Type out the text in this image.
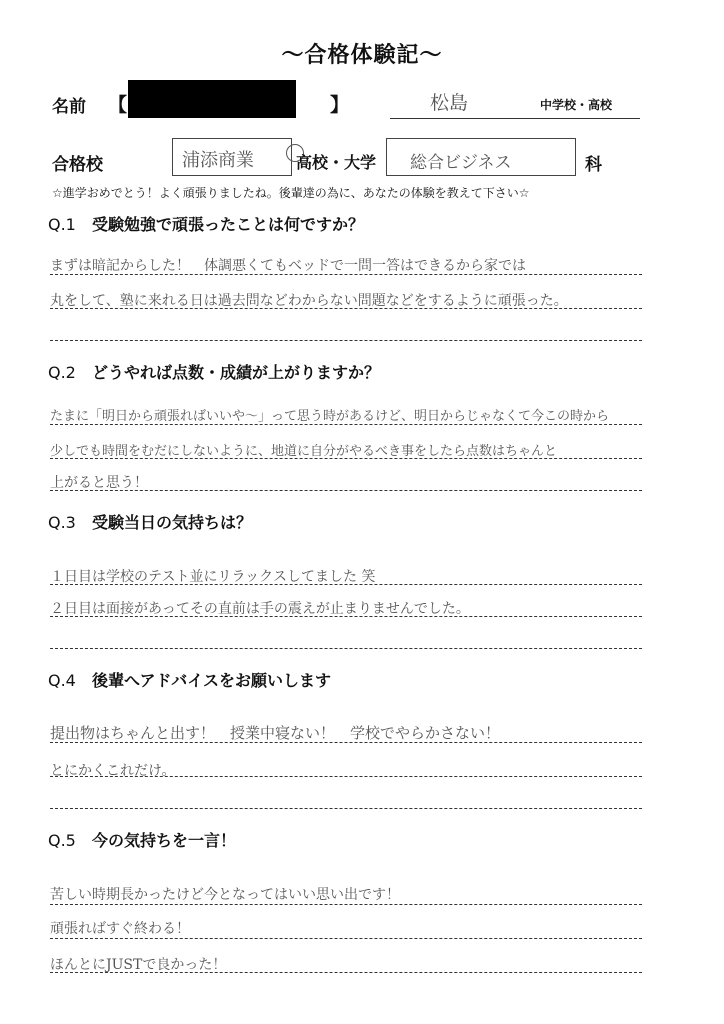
〜合格体験記〜
名前 【	】	松島	中学校・高校
合格校	浦添商業	高校・大学 総合ビジネス	科
☆進学おめでとう！よく頑張りましたね。後輩達の為に、あなたの体験を教えて下さい☆
Q.1 受験勉強で頑張ったことは何ですか？
まずは暗記からした！　体調悪くてもベッドで一問一答はできるから家では
丸をして、塾に来れる日は過去問などわからない問題などをするように頑張った。
Q.2 どうやれば点数・成績が上がりますか？
たまに「明日から頑張ればいいや〜」って思う時があるけど、明日からじゃなくて今この時から
少しでも時間をむだにしないように、地道に自分がやるべき事をしたら点数はちゃんと
上がると思う！
Q.3 受験当日の気持ちは？
１日目は学校のテスト並にリラックスしてました 笑
２日目は面接があってその直前は手の震えが止まりませんでした。
Q.4 後輩へアドバイスをお願いします
提出物はちゃんと出す！　授業中寝ない！　学校でやらかさない！
とにかくこれだけ。
Q.5 今の気持ちを一言！
苦しい時期長かったけど今となってはいい思い出です！
頑張ればすぐ終わる！
ほんとにJUSTで良かった！
